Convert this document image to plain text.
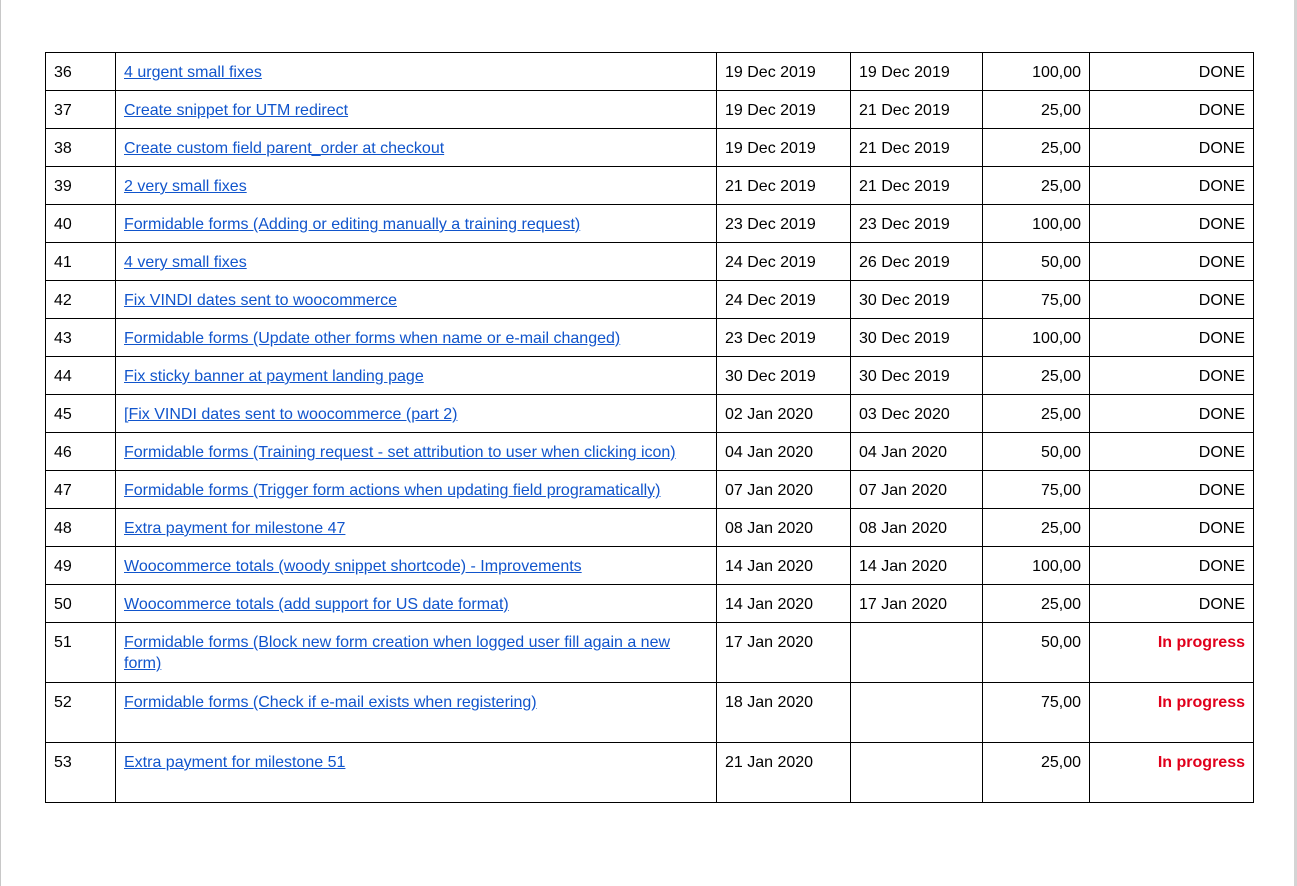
36	4 urgent small fixes	19 Dec 2019	19 Dec 2019	100,00	DONE
37	Create snippet for UTM redirect	19 Dec 2019	21 Dec 2019	25,00	DONE
38	Create custom field parent_order at checkout	19 Dec 2019	21 Dec 2019	25,00	DONE
39	2 very small fixes	21 Dec 2019	21 Dec 2019	25,00	DONE
40	Formidable forms (Adding or editing manually a training request)	23 Dec 2019	23 Dec 2019	100,00	DONE
41	4 very small fixes	24 Dec 2019	26 Dec 2019	50,00	DONE
42	Fix VINDI dates sent to woocommerce	24 Dec 2019	30 Dec 2019	75,00	DONE
43	Formidable forms (Update other forms when name or e-mail changed)	23 Dec 2019	30 Dec 2019	100,00	DONE
44	Fix sticky banner at payment landing page	30 Dec 2019	30 Dec 2019	25,00	DONE
45	[Fix VINDI dates sent to woocommerce (part 2)	02 Jan 2020	03 Dec 2020	25,00	DONE
46	Formidable forms (Training request - set attribution to user when clicking icon)	04 Jan 2020	04 Jan 2020	50,00	DONE
47	Formidable forms (Trigger form actions when updating field programatically)	07 Jan 2020	07 Jan 2020	75,00	DONE
48	Extra payment for milestone 47	08 Jan 2020	08 Jan 2020	25,00	DONE
49	Woocommerce totals (woody snippet shortcode) - Improvements	14 Jan 2020	14 Jan 2020	100,00	DONE
50	Woocommerce totals (add support for US date format)	14 Jan 2020	17 Jan 2020	25,00	DONE
51	Formidable forms (Block new form creation when logged user fill again a new form)	17 Jan 2020		50,00	In progress
52	Formidable forms (Check if e-mail exists when registering)	18 Jan 2020		75,00	In progress
53	Extra payment for milestone 51	21 Jan 2020		25,00	In progress
